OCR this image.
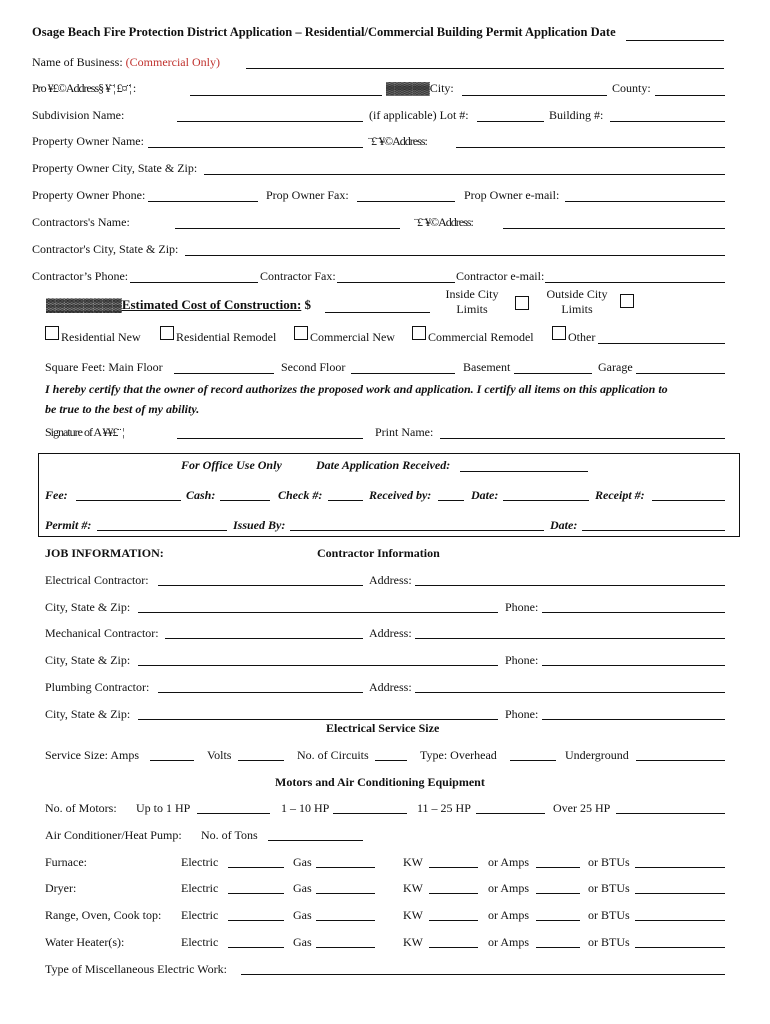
Osage Beach Fire Protection District Application – Residential/Commercial Building Permit Application Date
Name of Business: (Commercial Only)
Pro ¥£©Address§ ¥¨¦ £¤¨¦ :	▓▓▓▓▓City:	County:
Subdivision Name:	(if applicable) Lot #:	Building #:
Property Owner Name:	¨£¨¥©Address:
Property Owner City, State & Zip:
Property Owner Phone:	Prop Owner Fax:	Prop Owner e-mail:
Contractors's Name:	¨£¨¥©Address:
Contractor's City, State & Zip:
Contractor’s Phone:	Contractor Fax:	Contractor e-mail:
▓▓▓▓▓▓▓▓Estimated Cost of Construction: $
Inside City
Limits
Outside City
Limits
Residential New	Residential Remodel	Commercial New	Commercial Remodel	Other
Square Feet: Main Floor	Second Floor	Basement	Garage
I hereby certify that the owner of record authorizes the proposed work and application. I certify all items on this application to
be true to the best of my ability.
Signature of A ¥¥£¨ ¦	Print Name:
For Office Use Only	Date Application Received:
Fee:	Cash:	Check #:	Received by:	Date:	Receipt #:
Permit #:	Issued By:	Date:
JOB INFORMATION:	Contractor Information
Electrical Contractor:	Address:
City, State & Zip:	Phone:
Mechanical Contractor:	Address:
City, State & Zip:	Phone:
Plumbing Contractor:	Address:
City, State & Zip:	Phone:
Electrical Service Size
Service Size: Amps	Volts	No. of Circuits	Type: Overhead	Underground
Motors and Air Conditioning Equipment
No. of Motors: Up to 1 HP	1 – 10 HP	11 – 25 HP	Over 25 HP
Air Conditioner/Heat Pump: No. of Tons
Furnace:	Electric	Gas	KW	or Amps	or BTUs
Dryer:	Electric	Gas	KW	or Amps	or BTUs
Range, Oven, Cook top: Electric	Gas	KW	or Amps	or BTUs
Water Heater(s):	Electric	Gas	KW	or Amps	or BTUs
Type of Miscellaneous Electric Work:
